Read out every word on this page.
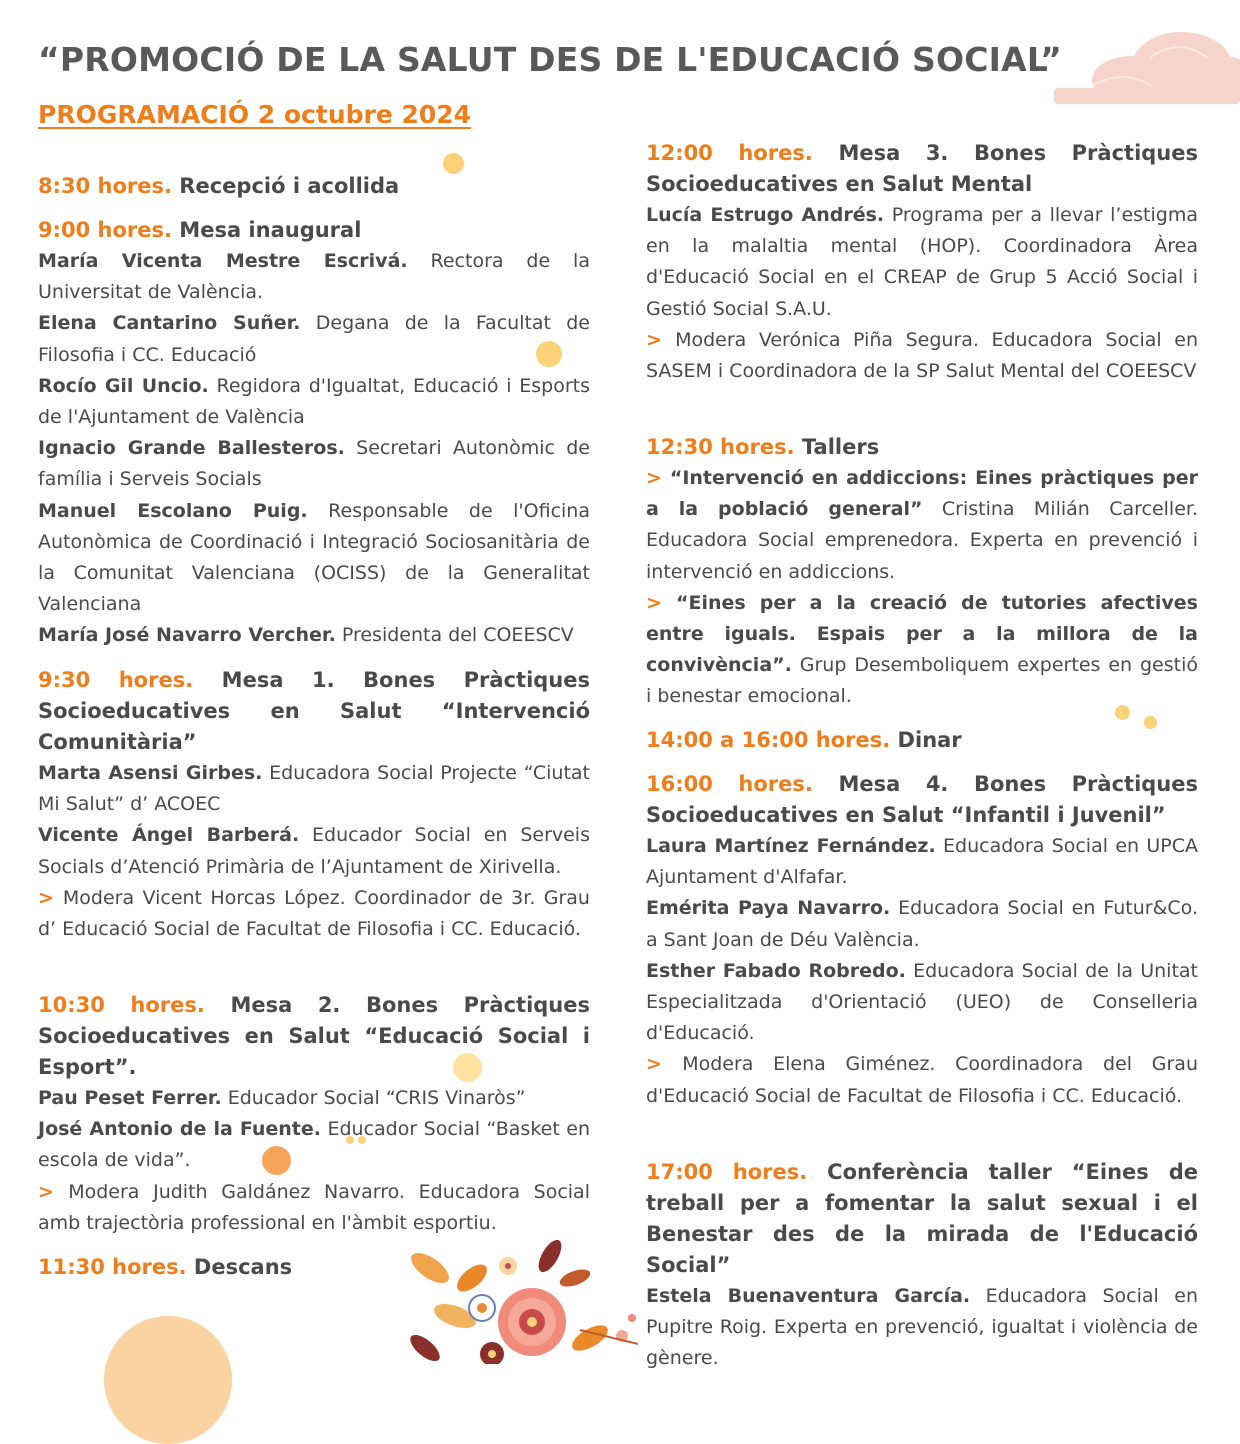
“PROMOCIÓ DE LA SALUT DES DE L'EDUCACIÓ SOCIAL”
PROGRAMACIÓ 2 octubre 2024
8:30 hores. Recepció i acollida
9:00 hores. Mesa inaugural

María Vicenta Mestre Escrivá. Rectora de la Universitat de València.

Elena Cantarino Suñer. Degana de la Facultat de Filosofia i CC. Educació

Rocío Gil Uncio. Regidora d'Igualtat, Educació i Esports de l'Ajuntament de València

Ignacio Grande Ballesteros. Secretari Autonòmic de família i Serveis Socials

Manuel Escolano Puig. Responsable de l'Oficina Autonòmica de Coordinació i Integració Sociosanitària de la Comunitat Valenciana (OCISS) de la Generalitat Valenciana

María José Navarro Vercher. Presidenta del COEESCV

9:30 hores. Mesa 1. Bones Pràctiques Socioeducatives en Salut “Intervenció Comunitària”

Marta Asensi Girbes. Educadora Social Projecte “Ciutat Mi Salut” d’ ACOEC

Vicente Ángel Barberá. Educador Social en Serveis Socials d’Atenció Primària de l’Ajuntament de Xirivella.

> Modera Vicent Horcas López. Coordinador de 3r. Grau d’ Educació Social de Facultat de Filosofia i CC. Educació.

10:30 hores. Mesa 2. Bones Pràctiques Socioeducatives en Salut “Educació Social i Esport”.

Pau Peset Ferrer. Educador Social “CRIS Vinaròs”

José Antonio de la Fuente. Educador Social “Basket en escola de vida”.

> Modera Judith Galdánez Navarro. Educadora Social amb trajectòria professional en l'àmbit esportiu.

11:30 hores. Descans
12:00 hores. Mesa 3. Bones Pràctiques Socioeducatives en Salut Mental

Lucía Estrugo Andrés. Programa per a llevar l’estigma en la malaltia mental (HOP). Coordinadora Àrea d'Educació Social en el CREAP de Grup 5 Acció Social i Gestió Social S.A.U.

> Modera Verónica Piña Segura. Educadora Social en SASEM i Coordinadora de la SP Salut Mental del COEESCV

12:30 hores. Tallers

> “Intervenció en addiccions: Eines pràctiques per a la població general” Cristina Milián Carceller. Educadora Social emprenedora. Experta en prevenció i intervenció en addiccions.

> “Eines per a la creació de tutories afectives entre iguals. Espais per a la millora de la convivència”. Grup Desemboliquem expertes en gestió i benestar emocional.

14:00 a 16:00 hores. Dinar
16:00 hores. Mesa 4. Bones Pràctiques Socioeducatives en Salut “Infantil i Juvenil”

Laura Martínez Fernández. Educadora Social en UPCA Ajuntament d'Alfafar.

Emérita Paya Navarro. Educadora Social en Futur&Co. a Sant Joan de Déu València.

Esther Fabado Robredo. Educadora Social de la Unitat Especialitzada d'Orientació (UEO) de Conselleria d'Educació.

> Modera Elena Giménez. Coordinadora del Grau d'Educació Social de Facultat de Filosofia i CC. Educació.

17:00 hores. Conferència taller “Eines de treball per a fomentar la salut sexual i el Benestar des de la mirada de l'Educació Social”

Estela Buenaventura García. Educadora Social en Pupitre Roig. Experta en prevenció, igualtat i violència de gènere.
